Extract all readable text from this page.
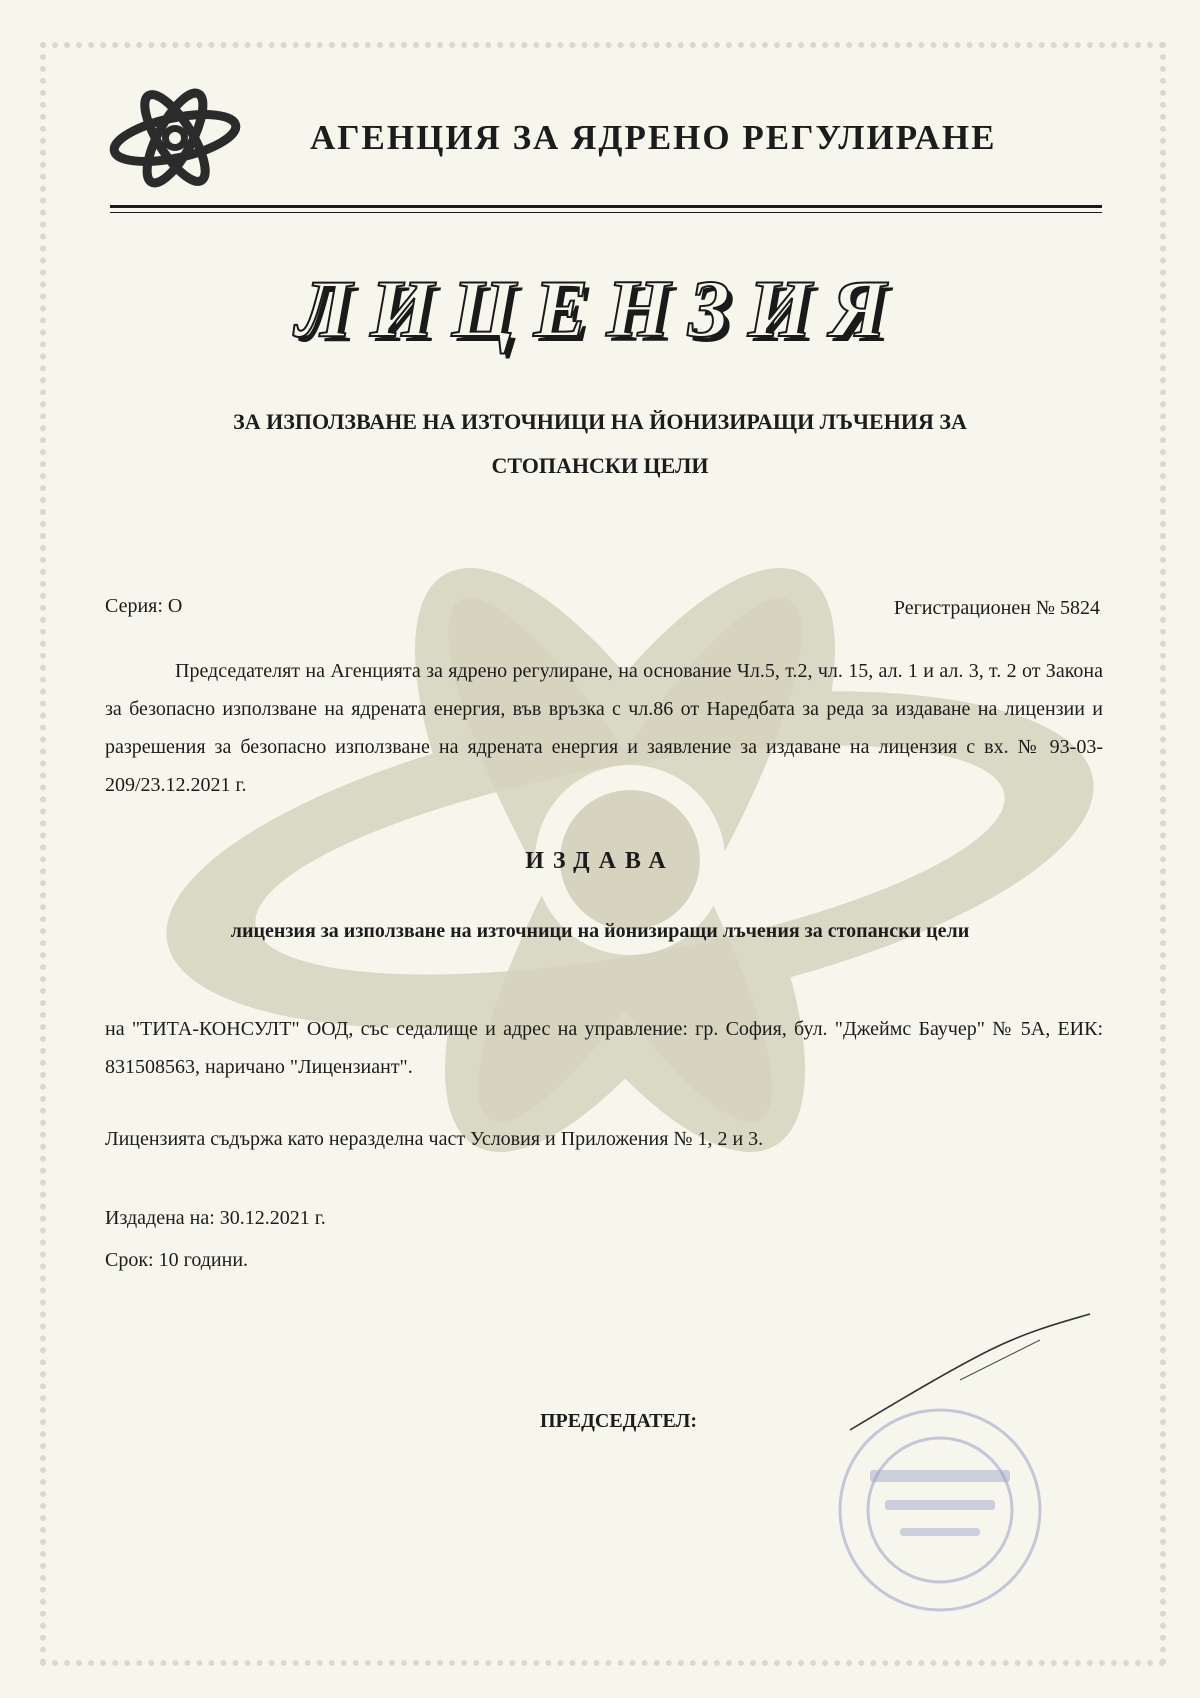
АГЕНЦИЯ ЗА ЯДРЕНО РЕГУЛИРАНЕ
ЛИЦЕНЗИЯ
ЗА ИЗПОЛЗВАНЕ НА ИЗТОЧНИЦИ НА ЙОНИЗИРАЩИ ЛЪЧЕНИЯ ЗА
СТОПАНСКИ ЦЕЛИ
Серия: О	Регистрационен № 5824
Председателят на Агенцията за ядрено регулиране, на основание Чл.5, т.2, чл. 15, ал. 1 и ал. 3, т. 2 от Закона за безопасно използване на ядрената енергия, във връзка с чл.86 от Наредбата за реда за издаване на лицензии и разрешения за безопасно използване на ядрената енергия и заявление за издаване на лицензия с вх. № 93-03-209/23.12.2021 г.
ИЗДАВА
лицензия за използване на източници на йонизиращи лъчения за стопански цели
на "ТИТА-КОНСУЛТ" ООД, със седалище и адрес на управление: гр. София, бул. "Джеймс Баучер" № 5А, ЕИК: 831508563, наричано "Лицензиант".
Лицензията съдържа като неразделна част Условия и Приложения № 1, 2 и 3.
Издадена на: 30.12.2021 г.
Срок: 10 години.
ПРЕДСЕДАТЕЛ:
